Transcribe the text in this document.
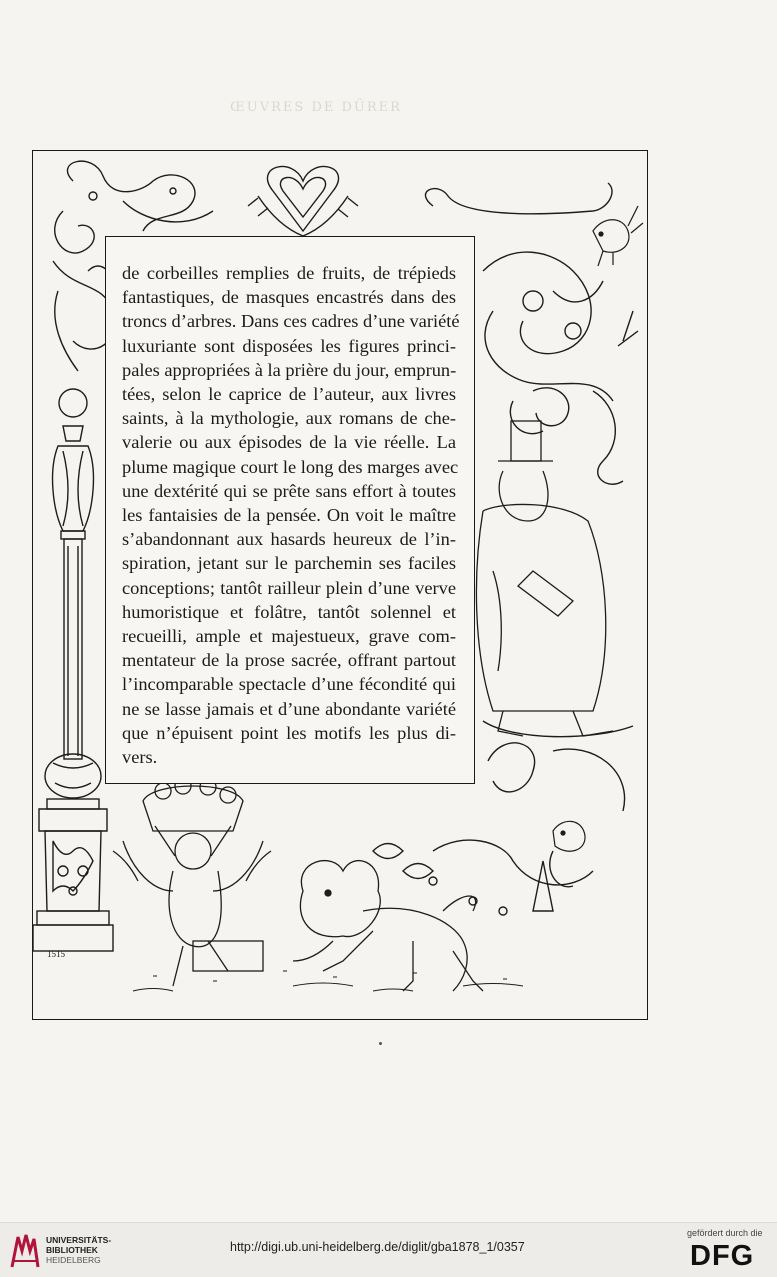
ŒUVRES DE DÜRER
1515

de corbeilles remplies de fruits, de trépieds
fantastiques, de masques encastrés dans des
troncs d’arbres. Dans ces cadres d’une variété
luxuriante sont disposées les figures princi-
pales appropriées à la prière du jour, emprun-
tées, selon le caprice de l’auteur, aux livres
saints, à la mythologie, aux romans de che-
valerie ou aux épisodes de la vie réelle. La
plume magique court le long des marges avec
une dextérité qui se prête sans effort à toutes
les fantaisies de la pensée. On voit le maître
s’abandonnant aux hasards heureux de l’in-
spiration, jetant sur le parchemin ses faciles
conceptions; tantôt railleur plein d’une verve
humoristique et folâtre, tantôt solennel et
recueilli, ample et majestueux, grave com-
mentateur de la prose sacrée, offrant partout
l’incomparable spectacle d’une fécondité qui
ne se lasse jamais et d’une abondante variété
que n’épuisent point les motifs les plus di-
vers.

UNIVERSITÄTS-
BIBLIOTHEK
HEIDELBERG
http://digi.ub.uni-heidelberg.de/diglit/gba1878_1/0357
gefördert durch die
DFG
